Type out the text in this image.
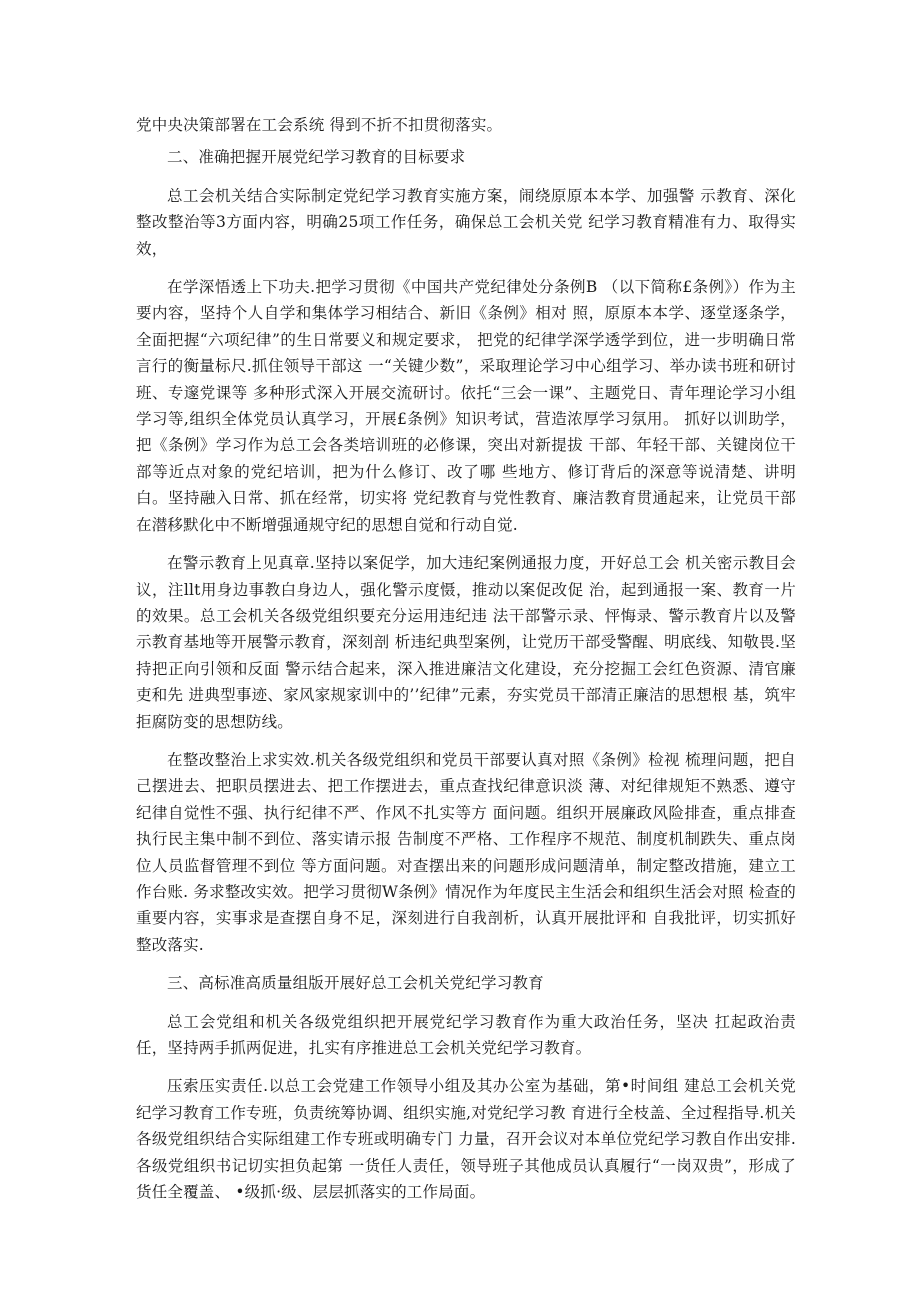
党中央决策部署在工会系统 得到不折不扣贯彻落实。

二、准确把握开展党纪学习教育的目标要求

总工会机关结合实际制定党纪学习教育实施方案，闹绕原原本本学、加强警 示教育、深化整改整治等3方面内容，明确25项工作任务，确保总工会机关党 纪学习教育精准有力、取得实效，

在学深悟透上下功夫.把学习贯彻《中国共产党纪律处分条例B （以下简称£条例》）作为主要内容，坚持个人自学和集体学习相结合、新旧《条例》相对 照，原原本本学、逐堂逐条学，全面把握“六项纪律”的生日常要义和规定要求， 把党的纪律学深学透学到位，进一步明确日常言行的衡量标尺.抓住领导干部这 一“关键少数”，采取理论学习中心组学习、举办读书班和研讨班、专邃党课等 多种形式深入开展交流研讨。依托“三会一课”、主题党日、青年理论学习小组 学习等,组织全体党员认真学习，开展£条例》知识考试，营造浓厚学习氛用。 抓好以训助学，把《条例》学习作为总工会各类培训班的必修课，突出对新提拔 干部、年轻干部、关键岗位干部等近点对象的党纪培训，把为什么修订、改了哪 些地方、修订背后的深意等说清楚、讲明白。坚持融入日常、抓在经常，切实将 党纪教育与党性教育、廉洁教育贯通起来，让党员干部在潜移默化中不断增强通规守纪的思想自觉和行动自觉.

在警示教育上见真章.坚持以案促学，加大违纪案例通报力度，开好总工会 机关密示教目会议，注llt用身边事教白身边人，强化警示度慑，推动以案促改促 治，起到通报一案、教育一片的效果。总工会机关各级党组织要充分运用违纪违 法干部警示录、怦悔录、警示教育片以及警示教育基地等开展警示教育，深刻剖 析违纪典型案例，让党历干部受警醒、明底线、知敬畏.坚持把正向引领和反面 警示结合起来，深入推进廉洁文化建设，充分挖掘工会红色资源、清官廉吏和先 进典型事迹、家风家规家训中的’’纪律”元素，夯实党员干部清正廉洁的思想根 基，筑牢拒腐防变的思想防线。

在整改整治上求实效.机关各级党组织和党员干部要认真对照《条例》检视 梳理问题，把自己摆进去、把职员摆进去、把工作摆进去，重点查找纪律意识淡 薄、对纪律规矩不熟悉、遵守纪律自觉性不强、执行纪律不严、作风不扎实等方 面问题。组织开展廉政风险排查，重点排查执行民主集中制不到位、落实请示报 告制度不严格、工作程序不规范、制度机制跌失、重点岗位人员监督管理不到位 等方面问题。对查摆出来的问题形成问题清单，制定整改措施，建立工作台账. 务求整改实效。把学习贯彻W条例》情况作为年度民主生活会和组织生活会对照 检查的重要内容，实事求是查摆自身不足，深刻进行自我剖析，认真开展批评和 自我批评，切实抓好整改落实.

三、高标准高质量组版开展好总工会机关党纪学习教育

总工会党组和机关各级党组织把开展党纪学习教育作为重大政治任务，坚决 扛起政治责任，坚持两手抓两促进，扎实有序推进总工会机关党纪学习教育。

压索压实责任.以总工会党建工作领导小组及其办公室为基础，第•时间组 建总工会机关党纪学习教育工作专班，负责统筹协调、组织实施,对党纪学习教 育进行全枝盖、全过程指导.机关各级党组织结合实际组建工作专班或明确专门 力量，召开会议对本单位党纪学习教自作出安排.各级党组织书记切实担负起第 一货任人责任，领导班子其他成员认真履行“一岗双贵”，形成了货任全覆盖、 •级抓·级、层层抓落实的工作局面。
